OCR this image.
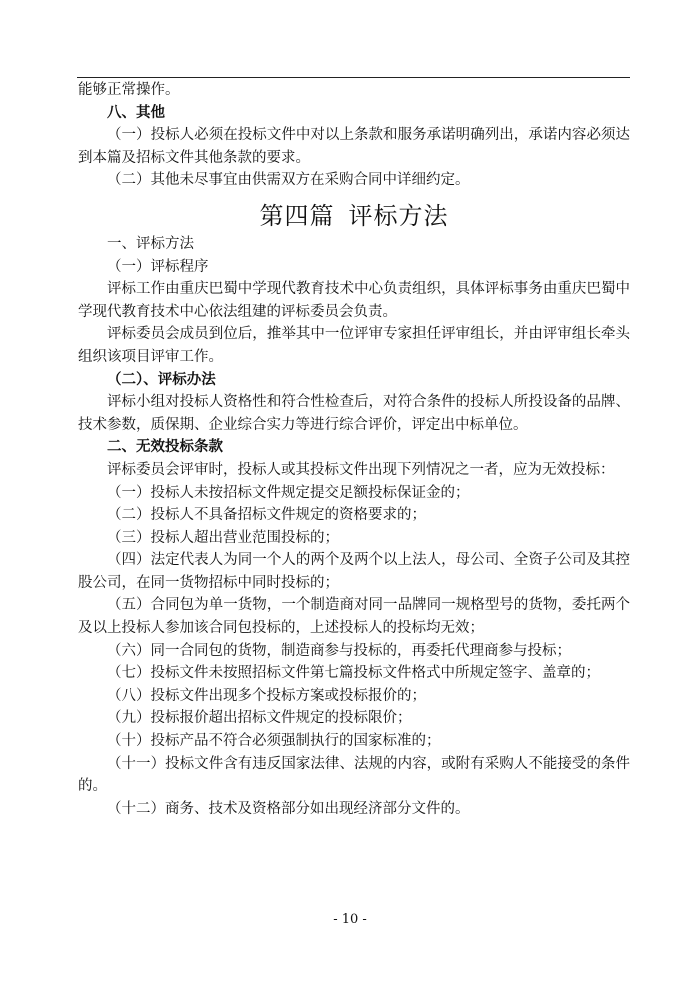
能够正常操作。

八、其他

（一）投标人必须在投标文件中对以上条款和服务承诺明确列出，承诺内容必须达到本篇及招标文件其他条款的要求。

（二）其他未尽事宜由供需双方在采购合同中详细约定。

第四篇 评标方法

一、评标方法

（一）评标程序

评标工作由重庆巴蜀中学现代教育技术中心负责组织，具体评标事务由重庆巴蜀中学现代教育技术中心依法组建的评标委员会负责。

评标委员会成员到位后，推举其中一位评审专家担任评审组长，并由评审组长牵头组织该项目评审工作。

（二）、评标办法

评标小组对投标人资格性和符合性检查后，对符合条件的投标人所投设备的品牌、技术参数，质保期、企业综合实力等进行综合评价，评定出中标单位。

二、无效投标条款

评标委员会评审时，投标人或其投标文件出现下列情况之一者，应为无效投标：

（一）投标人未按招标文件规定提交足额投标保证金的；

（二）投标人不具备招标文件规定的资格要求的；

（三）投标人超出营业范围投标的；

（四）法定代表人为同一个人的两个及两个以上法人，母公司、全资子公司及其控股公司，在同一货物招标中同时投标的；

（五）合同包为单一货物，一个制造商对同一品牌同一规格型号的货物，委托两个及以上投标人参加该合同包投标的，上述投标人的投标均无效；

（六）同一合同包的货物，制造商参与投标的，再委托代理商参与投标；

（七）投标文件未按照招标文件第七篇投标文件格式中所规定签字、盖章的；

（八）投标文件出现多个投标方案或投标报价的；

（九）投标报价超出招标文件规定的投标限价；

（十）投标产品不符合必须强制执行的国家标准的；

（十一）投标文件含有违反国家法律、法规的内容，或附有采购人不能接受的条件的。

（十二）商务、技术及资格部分如出现经济部分文件的。

- 10 -
